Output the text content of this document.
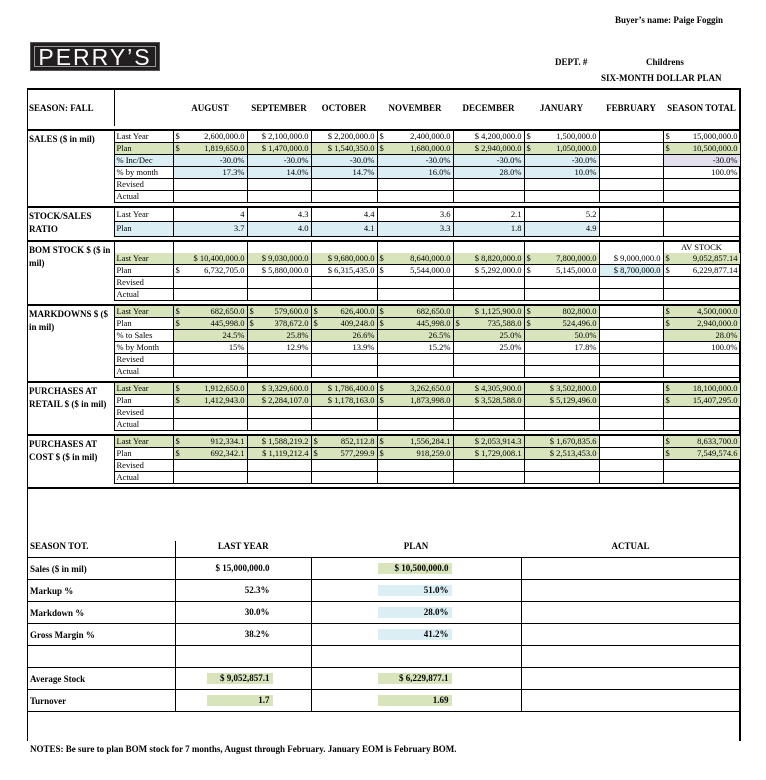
Buyer’s name: Paige Foggin
PERRY’S	DEPT. #	Childrens
SIX-MONTH DOLLAR PLAN
SEASON: FALL		AUGUST	SEPTEMBER	OCTOBER	NOVEMBER	DECEMBER	JANUARY	FEBRUARY	SEASON TOTAL

SALES ($ in mil)	Last Year	$ 2,600,000.0	$ 2,100,000.0	$ 2,200,000.0	$ 2,400,000.0	$ 4,200,000.0	$ 1,500,000.0		$ 15,000,000.0
	Plan	$ 1,819,650.0	$ 1,470,000.0	$ 1,540,350.0	$ 1,680,000.0	$ 2,940,000.0	$ 1,050,000.0		$ 10,500,000.0
	% Inc/Dec	-30.0%	-30.0%	-30.0%	-30.0%	-30.0%	-30.0%		-30.0%
	% by month	17.3%	14.0%	14.7%	16.0%	28.0%	10.0%		100.0%
	Revised								
	Actual								

STOCK/SALES RATIO	Last Year	4	4.3	4.4	3.6	2.1	5.2		
	Plan	3.7	4.0	4.1	3.3	1.8	4.9		

BOM STOCK $ ($ in mil)									AV STOCK
	Last Year	$ 10,400,000.0	$ 9,030,000.0	$ 9,680,000.0	$ 8,640,000.0	$ 8,820,000.0	$ 7,800,000.0	$ 9,000,000.0	$ 9,052,857.14
	Plan	$ 6,732,705.0	$ 5,880,000.0	$ 6,315,435.0	$ 5,544,000.0	$ 5,292,000.0	$ 5,145,000.0	$ 8,700,000.0	$ 6,229,877.14
	Revised								
	Actual								

MARKDOWNS $ ($ in mil)	Last Year	$ 682,650.0	$ 579,600.0	$ 626,400.0	$ 682,650.0	$ 1,125,900.0	$ 802,800.0		$ 4,500,000.0
	Plan	$ 445,998.0	$ 378,672.0	$ 409,248.0	$ 445,998.0	$ 735,588.0	$ 524,496.0		$ 2,940,000.0
	% to Sales	24.5%	25.8%	26.6%	26.5%	25.0%	50.0%		28.0%
	% by Month	15%	12.9%	13.9%	15.2%	25.0%	17.8%		100.0%
	Revised								
	Actual								

PURCHASES AT RETAIL $ ($ in mil)	Last Year	$ 1,912,650.0	$ 3,329,600.0	$ 1,786,400.0	$ 3,262,650.0	$ 4,305,900.0	$ 3,502,800.0		$ 18,100,000.0
	Plan	$ 1,412,943.0	$ 2,284,107.0	$ 1,178,163.0	$ 1,873,998.0	$ 3,528,588.0	$ 5,129,496.0		$ 15,407,295.0
	Revised								
	Actual								

PURCHASES AT COST $ ($ in mil)	Last Year	$ 912,334.1	$ 1,588,219.2	$ 852,112.8	$ 1,556,284.1	$ 2,053,914.3	$ 1,670,835.6		$ 8,633,700.0
	Plan	$ 692,342.1	$ 1,119,212.4	$ 577,299.9	$ 918,259.0	$ 1,729,008.1	$ 2,513,453.0		$ 7,549,574.6
	Revised								
	Actual								

SEASON TOT.	LAST YEAR	PLAN	ACTUAL
Sales ($ in mil)	$ 15,000,000.0	$ 10,500,000.0	
Markup %	52.3%	51.0%	
Markdown %	30.0%	28.0%	
Gross Margin %	38.2%	41.2%	

Average Stock	$ 9,052,857.1	$ 6,229,877.1	
Turnover	1.7	1.69	
NOTES: Be sure to plan BOM stock for 7 months, August through February. January EOM is February BOM.
